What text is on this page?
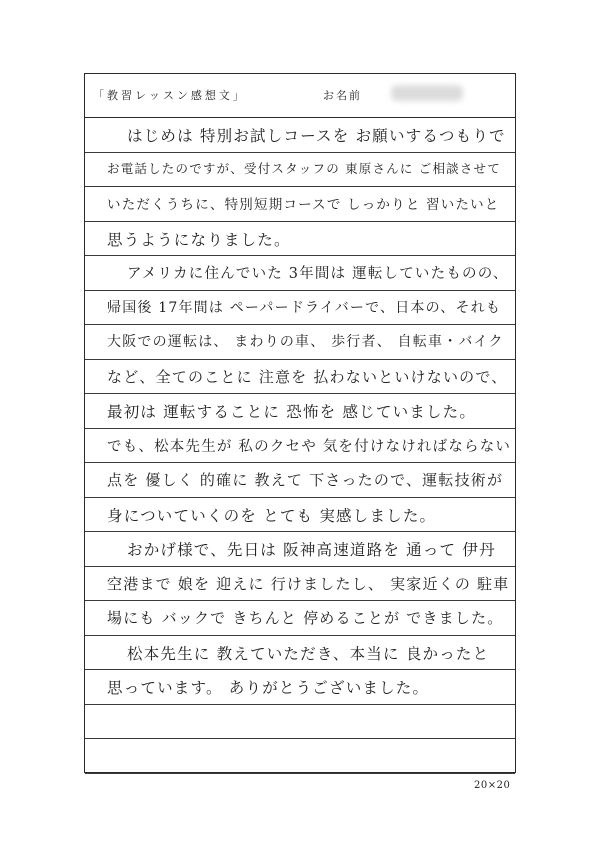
「教習レッスン感想文」	お名前
はじめは 特別お試しコースを お願いするつもりで
お電話したのですが、受付スタッフの 東原さんに ご相談させて
いただくうちに、特別短期コースで しっかりと 習いたいと
思うようになりました。
アメリカに住んでいた 3年間は 運転していたものの、
帰国後 17年間は ペーパードライバーで、日本の、それも
大阪での運転は、 まわりの車、 歩行者、 自転車・バイク
など、全てのことに 注意を 払わないといけないので、
最初は 運転することに 恐怖を 感じていました。
でも、松本先生が 私のクセや 気を付けなければならない
点を 優しく 的確に 教えて 下さったので、運転技術が
身についていくのを とても 実感しました。
おかげ様で、先日は 阪神高速道路を 通って 伊丹
空港まで 娘を 迎えに 行けましたし、 実家近くの 駐車
場にも バックで きちんと 停めることが できました。
松本先生に 教えていただき、本当に 良かったと
思っています。 ありがとうございました。
20×20
